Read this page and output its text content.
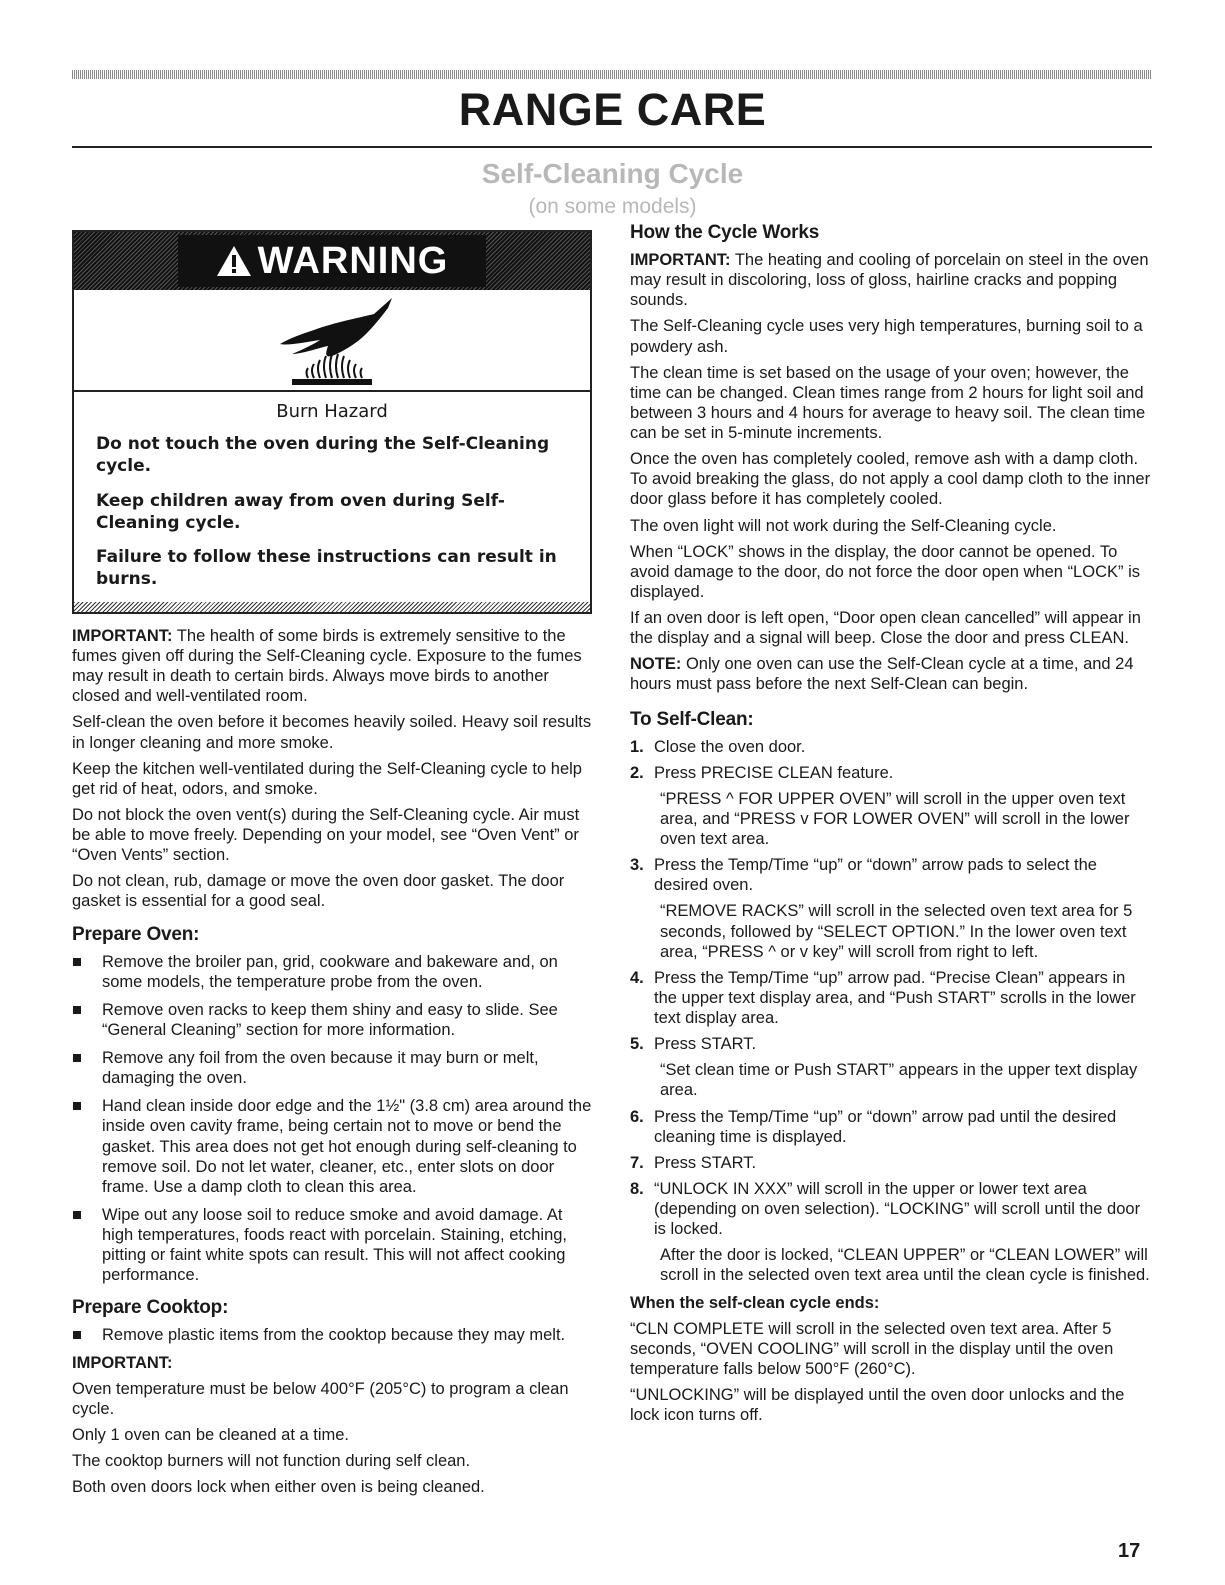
RANGE CARE
Self-Cleaning Cycle
(on some models)
WARNING

Burn Hazard

Do not touch the oven during the Self-Cleaning cycle.

Keep children away from oven during Self-Cleaning cycle.

Failure to follow these instructions can result in burns.

IMPORTANT: The health of some birds is extremely sensitive to the fumes given off during the Self-Cleaning cycle. Exposure to the fumes may result in death to certain birds. Always move birds to another closed and well-ventilated room.

Self-clean the oven before it becomes heavily soiled. Heavy soil results in longer cleaning and more smoke.

Keep the kitchen well-ventilated during the Self-Cleaning cycle to help get rid of heat, odors, and smoke.

Do not block the oven vent(s) during the Self-Cleaning cycle. Air must be able to move freely. Depending on your model, see “Oven Vent” or “Oven Vents” section.

Do not clean, rub, damage or move the oven door gasket. The door gasket is essential for a good seal.

Prepare Oven:
Remove the broiler pan, grid, cookware and bakeware and, on some models, the temperature probe from the oven.
Remove oven racks to keep them shiny and easy to slide. See “General Cleaning” section for more information.
Remove any foil from the oven because it may burn or melt, damaging the oven.
Hand clean inside door edge and the 1½" (3.8 cm) area around the inside oven cavity frame, being certain not to move or bend the gasket. This area does not get hot enough during self-cleaning to remove soil. Do not let water, cleaner, etc., enter slots on door frame. Use a damp cloth to clean this area.
Wipe out any loose soil to reduce smoke and avoid damage. At high temperatures, foods react with porcelain. Staining, etching, pitting or faint white spots can result. This will not affect cooking performance.
Prepare Cooktop:
Remove plastic items from the cooktop because they may melt.
IMPORTANT:

Oven temperature must be below 400°F (205°C) to program a clean cycle.

Only 1 oven can be cleaned at a time.

The cooktop burners will not function during self clean.

Both oven doors lock when either oven is being cleaned.

How the Cycle Works

IMPORTANT: The heating and cooling of porcelain on steel in the oven may result in discoloring, loss of gloss, hairline cracks and popping sounds.

The Self-Cleaning cycle uses very high temperatures, burning soil to a powdery ash.

The clean time is set based on the usage of your oven; however, the time can be changed. Clean times range from 2 hours for light soil and between 3 hours and 4 hours for average to heavy soil. The clean time can be set in 5-minute increments.

Once the oven has completely cooled, remove ash with a damp cloth. To avoid breaking the glass, do not apply a cool damp cloth to the inner door glass before it has completely cooled.

The oven light will not work during the Self-Cleaning cycle.

When “LOCK” shows in the display, the door cannot be opened. To avoid damage to the door, do not force the door open when “LOCK” is displayed.

If an oven door is left open, “Door open clean cancelled” will appear in the display and a signal will beep. Close the door and press CLEAN.

NOTE: Only one oven can use the Self-Clean cycle at a time, and 24 hours must pass before the next Self-Clean can begin.

To Self-Clean:
1. Close the oven door.
2. Press PRECISE CLEAN feature.
“PRESS ^ FOR UPPER OVEN” will scroll in the upper oven text area, and “PRESS v FOR LOWER OVEN” will scroll in the lower oven text area.
3. Press the Temp/Time “up” or “down” arrow pads to select the desired oven.
“REMOVE RACKS” will scroll in the selected oven text area for 5 seconds, followed by “SELECT OPTION.” In the lower oven text area, “PRESS ^ or v key” will scroll from right to left.
4. Press the Temp/Time “up” arrow pad. “Precise Clean” appears in the upper text display area, and “Push START” scrolls in the lower text display area.
5. Press START.
“Set clean time or Push START” appears in the upper text display area.
6. Press the Temp/Time “up” or “down” arrow pad until the desired cleaning time is displayed.
7. Press START.
8. “UNLOCK IN XXX” will scroll in the upper or lower text area (depending on oven selection). “LOCKING” will scroll until the door is locked.
After the door is locked, “CLEAN UPPER” or “CLEAN LOWER” will scroll in the selected oven text area until the clean cycle is finished.
When the self-clean cycle ends:

“CLN COMPLETE will scroll in the selected oven text area. After 5 seconds, “OVEN COOLING” will scroll in the display until the oven temperature falls below 500°F (260°C).

“UNLOCKING” will be displayed until the oven door unlocks and the lock icon turns off.

17
